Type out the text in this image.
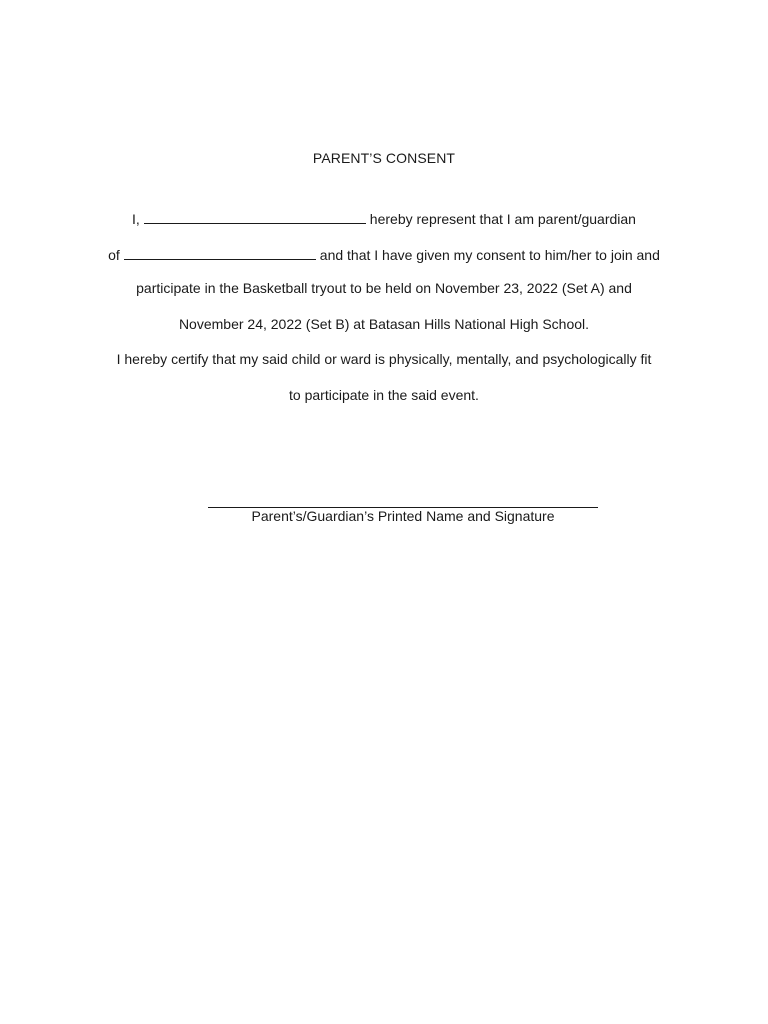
PARENT’S CONSENT
I,	hereby represent that I am parent/guardian
of	and that I have given my consent to him/her to join and
participate in the Basketball tryout to be held on November 23, 2022 (Set A) and
November 24, 2022 (Set B) at Batasan Hills National High School.
I hereby certify that my said child or ward is physically, mentally, and psychologically fit
to participate in the said event.
Parent’s/Guardian’s Printed Name and Signature
